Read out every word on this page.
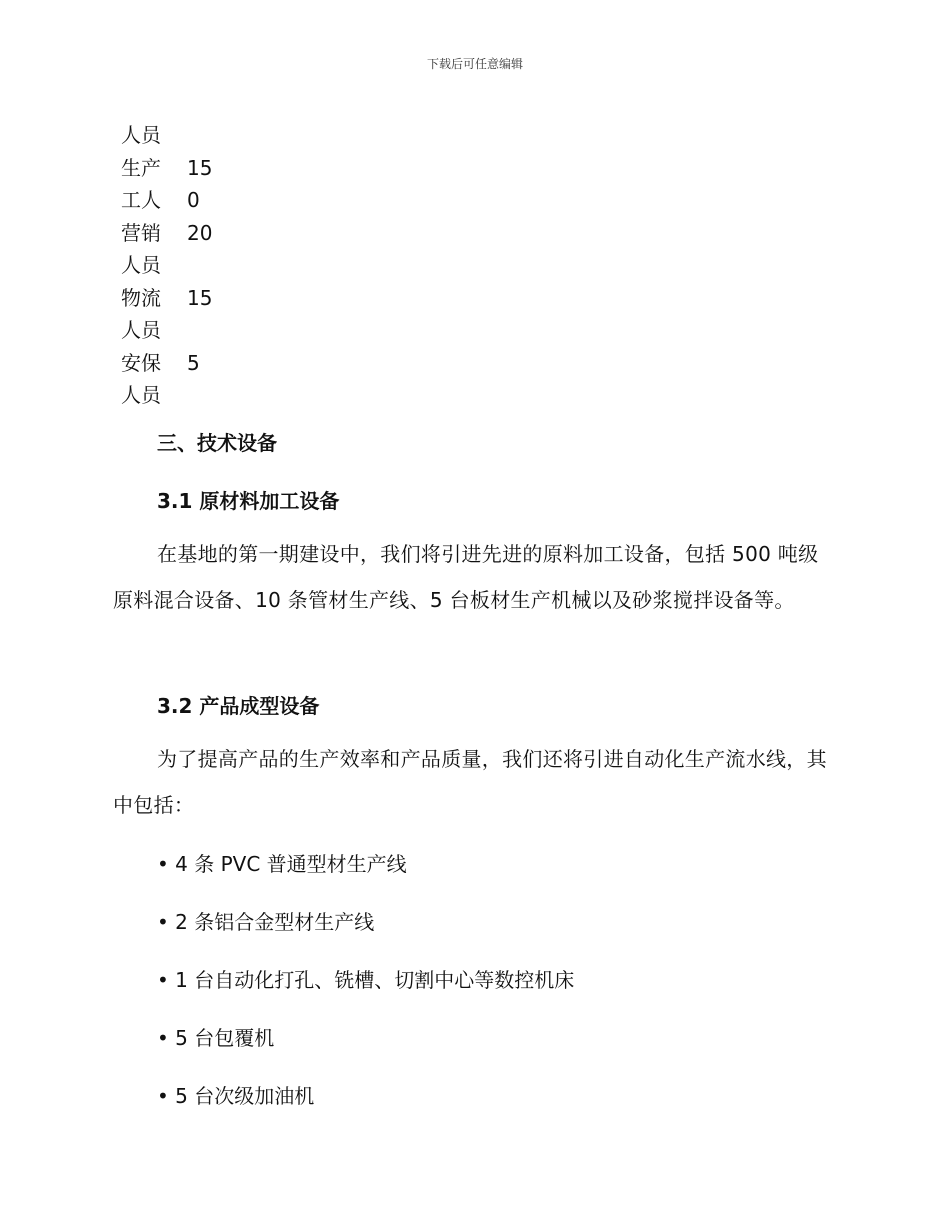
下载后可任意编辑
人员
生产
工人
15
0
营销
人员
20
物流
人员
15
安保
人员
5
三、技术设备
3.1 原材料加工设备
在基地的第一期建设中，我们将引进先进的原料加工设备，包括 500 吨级原料混合设备、10 条管材生产线、5 台板材生产机械以及砂浆搅拌设备等。
3.2 产品成型设备
为了提高产品的生产效率和产品质量，我们还将引进自动化生产流水线，其中包括：
• 4 条 PVC 普通型材生产线
• 2 条铝合金型材生产线
• 1 台自动化打孔、铣槽、切割中心等数控机床
• 5 台包覆机
• 5 台次级加油机
